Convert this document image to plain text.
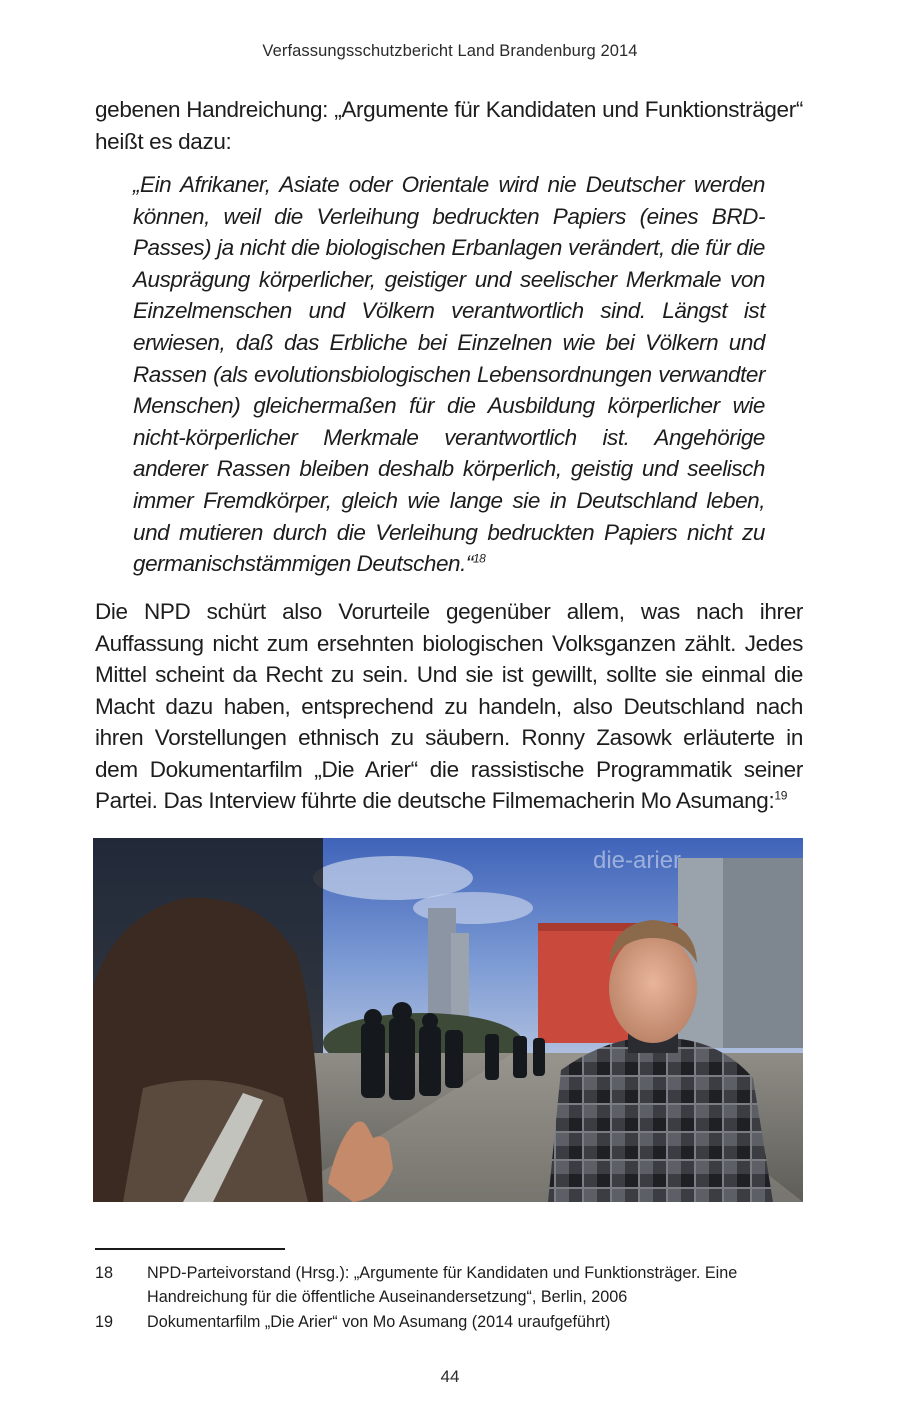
Verfassungsschutzbericht Land Brandenburg 2014
gebenen Handreichung: „Argumente für Kandidaten und Funktionsträger“ heißt es dazu:
„Ein Afrikaner, Asiate oder Orientale wird nie Deutscher werden können, weil die Verleihung bedruckten Papiers (eines BRD-Passes) ja nicht die biologischen Erbanlagen verändert, die für die Ausprägung körperlicher, geistiger und seelischer Merkmale von Einzelmenschen und Völkern verantwortlich sind. Längst ist erwiesen, daß das Erbliche bei Einzelnen wie bei Völkern und Rassen (als evolutionsbiologischen Lebensordnungen verwandter Menschen) gleichermaßen für die Ausbildung körperlicher wie nicht-körperlicher Merkmale verantwortlich ist. Angehörige anderer Rassen bleiben deshalb körperlich, geistig und seelisch immer Fremdkörper, gleich wie lange sie in Deutschland leben, und mutieren durch die Verleihung bedruckten Papiers nicht zu germanischstämmigen Deutschen.“$^{18}$
Die NPD schürt also Vorurteile gegenüber allem, was nach ihrer Auffassung nicht zum ersehnten biologischen Volksganzen zählt. Jedes Mittel scheint da Recht zu sein. Und sie ist gewillt, sollte sie einmal die Macht dazu haben, entsprechend zu handeln, also Deutschland nach ihren Vorstellungen ethnisch zu säubern. Ronny Zasowk erläuterte in dem Dokumentarfilm „Die Arier“ die rassistische Programmatik seiner Partei. Das Interview führte die deutsche Filmemacherin Mo Asumang:$^{19}$
die-arier
18	NPD-Parteivorstand (Hrsg.): „Argumente für Kandidaten und Funktionsträger. Eine Handreichung für die öffentliche Auseinandersetzung“, Berlin, 2006
19	Dokumentarfilm „Die Arier“ von Mo Asumang (2014 uraufgeführt)
44
